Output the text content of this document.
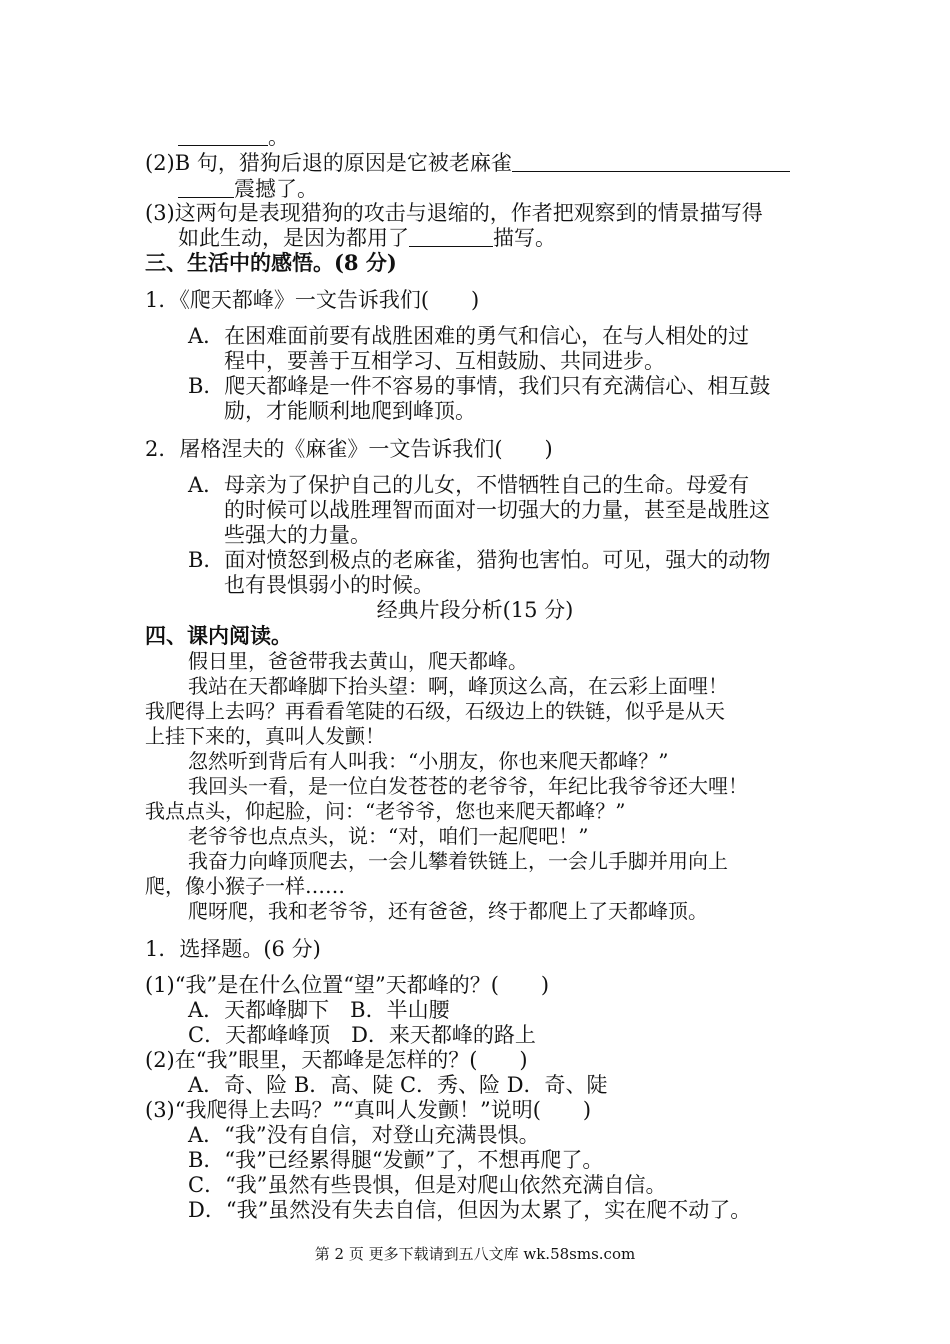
。
(2)B 句，猎狗后退的原因是它被老麻雀
震撼了。
(3)这两句是表现猎狗的攻击与退缩的，作者把观察到的情景描写得
如此生动，是因为都用了	描写。
三、生活中的感悟。(8 分)
1．《爬天都峰》一文告诉我们(　　)
A．在困难面前要有战胜困难的勇气和信心，在与人相处的过
程中，要善于互相学习、互相鼓励、共同进步。
B．爬天都峰是一件不容易的事情，我们只有充满信心、相互鼓
励，才能顺利地爬到峰顶。
2．屠格涅夫的《麻雀》一文告诉我们(　　)
A．母亲为了保护自己的儿女，不惜牺牲自己的生命。母爱有
的时候可以战胜理智而面对一切强大的力量，甚至是战胜这
些强大的力量。
B．面对愤怒到极点的老麻雀，猎狗也害怕。可见，强大的动物
也有畏惧弱小的时候。
经典片段分析(15 分)
四、课内阅读。
假日里，爸爸带我去黄山，爬天都峰。
我站在天都峰脚下抬头望：啊，峰顶这么高，在云彩上面哩！
我爬得上去吗？再看看笔陡的石级，石级边上的铁链，似乎是从天
上挂下来的，真叫人发颤！
忽然听到背后有人叫我：“小朋友，你也来爬天都峰？”
我回头一看，是一位白发苍苍的老爷爷，年纪比我爷爷还大哩！
我点点头，仰起脸，问：“老爷爷，您也来爬天都峰？”
老爷爷也点点头，说：“对，咱们一起爬吧！”
我奋力向峰顶爬去，一会儿攀着铁链上，一会儿手脚并用向上
爬，像小猴子一样……
爬呀爬，我和老爷爷，还有爸爸，终于都爬上了天都峰顶。
1．选择题。(6 分)
(1)“我”是在什么位置“望”天都峰的？(　　)
A．天都峰脚下　B．半山腰
C．天都峰峰顶　D．来天都峰的路上
(2)在“我”眼里，天都峰是怎样的？(　　)
A．奇、险 B．高、陡 C．秀、险 D．奇、陡
(3)“我爬得上去吗？”“真叫人发颤！”说明(　　)
A．“我”没有自信，对登山充满畏惧。
B．“我”已经累得腿“发颤”了，不想再爬了。
C．“我”虽然有些畏惧，但是对爬山依然充满自信。
D．“我”虽然没有失去自信，但因为太累了，实在爬不动了。
第 2 页 更多下载请到五八文库 wk.58sms.com
